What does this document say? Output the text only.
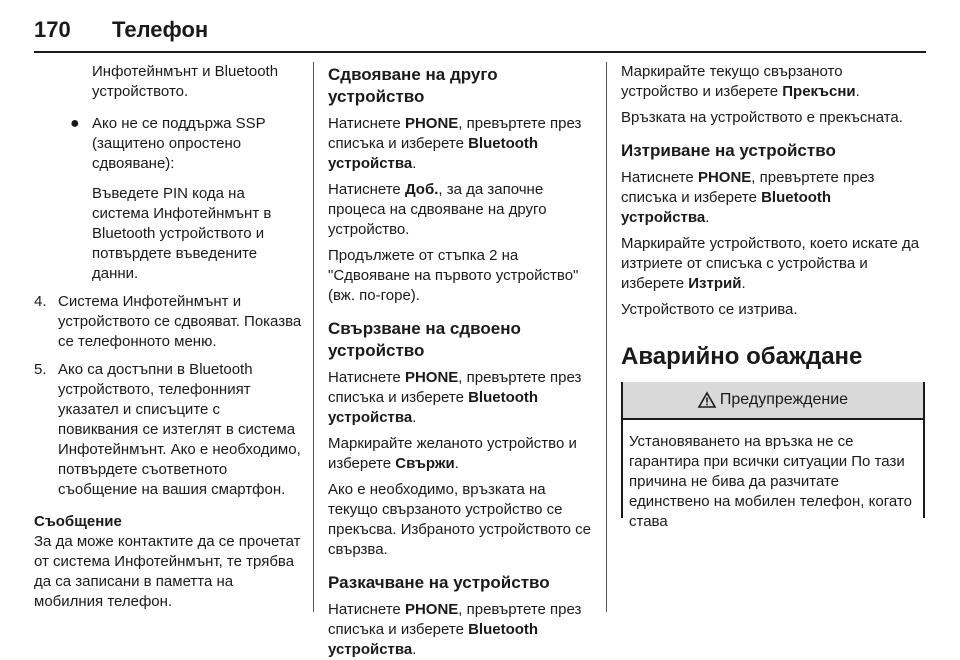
170 Телефон

Инфотейнмънт и Bluetooth устройството.

● Ако не се поддържа SSP (защитено опростено сдвояване):

Въведете PIN кода на система Инфотейнмънт в Bluetooth устройството и потвърдете въведените данни.

4. Система Инфотейнмънт и устройството се сдвояват. Показва се телефонното меню.

5. Ако са достъпни в Bluetooth устройството, телефонният указател и списъците с повиквания се изтеглят в система Инфотейнмънт. Ако е необходимо, потвърдете съответното съобщение на вашия смартфон.

Съобщение

За да може контактите да се прочетат от система Инфотейнмънт, те трябва да са записани в паметта на мобилния телефон.

Сдвояване на друго устройство

Натиснете PHONE, превъртете през списъка и изберете Bluetooth устройства.

Натиснете Доб., за да започне процеса на сдвояване на друго устройство.

Продължете от стъпка 2 на "Сдвояване на първото устройство" (вж. по-горе).

Свързване на сдвоено устройство

Натиснете PHONE, превъртете през списъка и изберете Bluetooth устройства.

Маркирайте желаното устройство и изберете Свържи.

Ако е необходимо, връзката на текущо свързаното устройство се прекъсва. Избраното устройството се свързва.

Разкачване на устройство

Натиснете PHONE, превъртете през списъка и изберете Bluetooth устройства.

Маркирайте текущо свързаното устройство и изберете Прекъсни.

Връзката на устройството е прекъсната.

Изтриване на устройство

Натиснете PHONE, превъртете през списъка и изберете Bluetooth устройства.

Маркирайте устройството, което искате да изтриете от списъка с устройства и изберете Изтрий.

Устройството се изтрива.

Аварийно обаждане

Предупреждение

Установяването на връзка не се гарантира при всички ситуации По тази причина не бива да разчитате единствено на мобилен телефон, когато става
